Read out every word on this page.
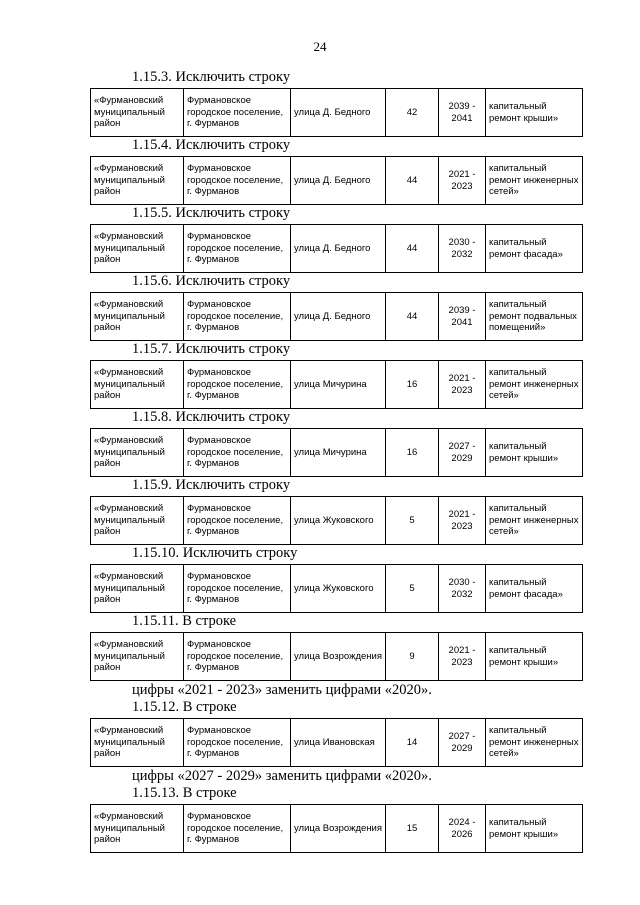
24
1.15.3. Исключить строку
«Фурмановский муниципальный район	Фурмановское городское поселение, г. Фурманов	улица Д. Бедного	42	2039 - 2041	капитальный ремонт крыши»
1.15.4. Исключить строку
«Фурмановский муниципальный район	Фурмановское городское поселение, г. Фурманов	улица Д. Бедного	44	2021 - 2023	капитальный ремонт инженерных сетей»
1.15.5. Исключить строку
«Фурмановский муниципальный район	Фурмановское городское поселение, г. Фурманов	улица Д. Бедного	44	2030 - 2032	капитальный ремонт фасада»
1.15.6. Исключить строку
«Фурмановский муниципальный район	Фурмановское городское поселение, г. Фурманов	улица Д. Бедного	44	2039 - 2041	капитальный ремонт подвальных помещений»
1.15.7. Исключить строку
«Фурмановский муниципальный район	Фурмановское городское поселение, г. Фурманов	улица Мичурина	16	2021 - 2023	капитальный ремонт инженерных сетей»
1.15.8. Исключить строку
«Фурмановский муниципальный район	Фурмановское городское поселение, г. Фурманов	улица Мичурина	16	2027 - 2029	капитальный ремонт крыши»
1.15.9. Исключить строку
«Фурмановский муниципальный район	Фурмановское городское поселение, г. Фурманов	улица Жуковского	5	2021 - 2023	капитальный ремонт инженерных сетей»
1.15.10. Исключить строку
«Фурмановский муниципальный район	Фурмановское городское поселение, г. Фурманов	улица Жуковского	5	2030 - 2032	капитальный ремонт фасада»
1.15.11. В строке
«Фурмановский муниципальный район	Фурмановское городское поселение, г. Фурманов	улица Возрождения	9	2021 - 2023	капитальный ремонт крыши»
цифры «2021 - 2023» заменить цифрами «2020».
1.15.12. В строке
«Фурмановский муниципальный район	Фурмановское городское поселение, г. Фурманов	улица Ивановская	14	2027 - 2029	капитальный ремонт инженерных сетей»
цифры «2027 - 2029» заменить цифрами «2020».
1.15.13. В строке
«Фурмановский муниципальный район	Фурмановское городское поселение, г. Фурманов	улица Возрождения	15	2024 - 2026	капитальный ремонт крыши»
